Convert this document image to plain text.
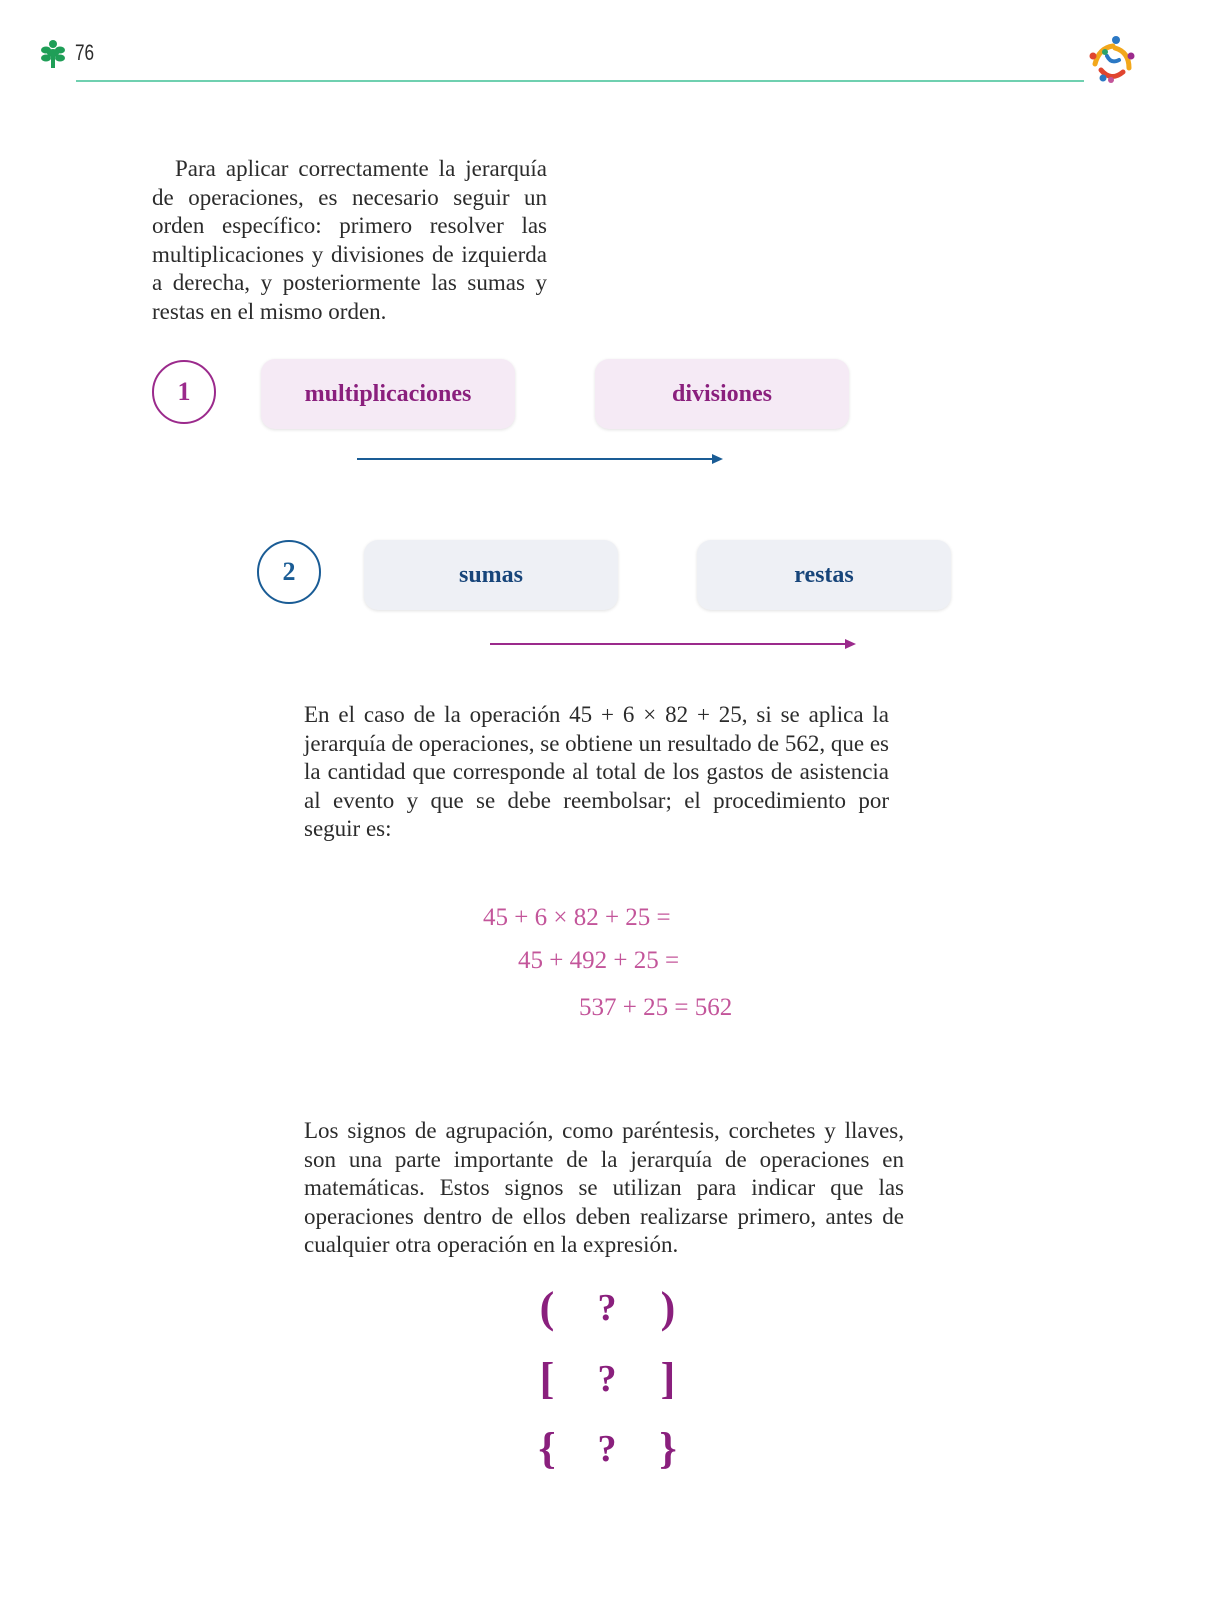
76

Para aplicar correctamente la jerarquía de operaciones, es necesario seguir un orden específico: primero resolver las multiplicaciones y divisiones de izquierda a derecha, y posteriormente las sumas y restas en el mismo orden.

1	multiplicaciones	divisiones
2	sumas	restas

En el caso de la operación 45 + 6 × 82 + 25, si se aplica la jerarquía de operaciones, se obtiene un resultado de 562, que es la cantidad que corresponde al total de los gastos de asistencia al evento y que se debe reembolsar; el procedimiento por seguir es:

45 + 6 × 82 + 25 =
45 + 492 + 25 =
537 + 25 = 562

Los signos de agrupación, como paréntesis, corchetes y llaves, son una parte importante de la jerarquía de operaciones en matemáticas. Estos signos se utilizan para indicar que las operaciones dentro de ellos deben realizarse primero, antes de cualquier otra operación en la expresión.

(	? )
[	? ]
{ ? }
